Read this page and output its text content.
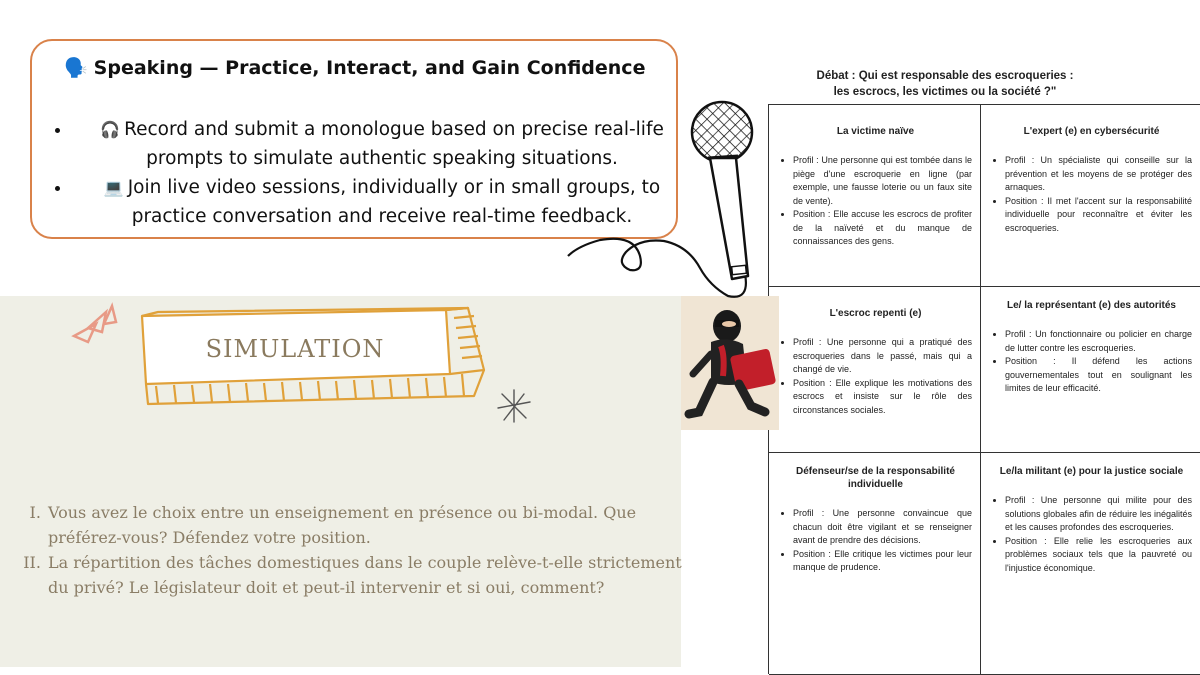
🗣️ Speaking — Practice, Interact, and Gain Confidence
• 🎧 Record and submit a monologue based on precise real-life prompts to simulate authentic speaking situations.
• 💻 Join live video sessions, individually or in small groups, to practice conversation and receive real-time feedback.
SIMULATION
I. Vous avez le choix entre un enseignement en présence ou bi-modal. Que préférez-vous? Défendez votre position.
II. La répartition des tâches domestiques dans le couple relève-t-elle strictement du privé? Le législateur doit et peut-il intervenir et si oui, comment?
Débat : Qui est responsable des escroqueries :
les escrocs, les victimes ou la société ?"
La victime naïve
• Profil : Une personne qui est tombée dans le piège d'une escroquerie en ligne (par exemple, une fausse loterie ou un faux site de vente).
• Position : Elle accuse les escrocs de profiter de la naïveté et du manque de connaissances des gens.
L'expert (e) en cybersécurité
• Profil : Un spécialiste qui conseille sur la prévention et les moyens de se protéger des arnaques.
• Position : Il met l'accent sur la responsabilité individuelle pour reconnaître et éviter les escroqueries.
L'escroc repenti (e)
• Profil : Une personne qui a pratiqué des escroqueries dans le passé, mais qui a changé de vie.
• Position : Elle explique les motivations des escrocs et insiste sur le rôle des circonstances sociales.
Le/ la représentant (e) des autorités
• Profil : Un fonctionnaire ou policier en charge de lutter contre les escroqueries.
• Position : Il défend les actions gouvernementales tout en soulignant les limites de leur efficacité.
Défenseur/se de la responsabilité individuelle
• Profil : Une personne convaincue que chacun doit être vigilant et se renseigner avant de prendre des décisions.
• Position : Elle critique les victimes pour leur manque de prudence.
Le/la militant (e) pour la justice sociale
• Profil : Une personne qui milite pour des solutions globales afin de réduire les inégalités et les causes profondes des escroqueries.
• Position : Elle relie les escroqueries aux problèmes sociaux tels que la pauvreté ou l'injustice économique.
